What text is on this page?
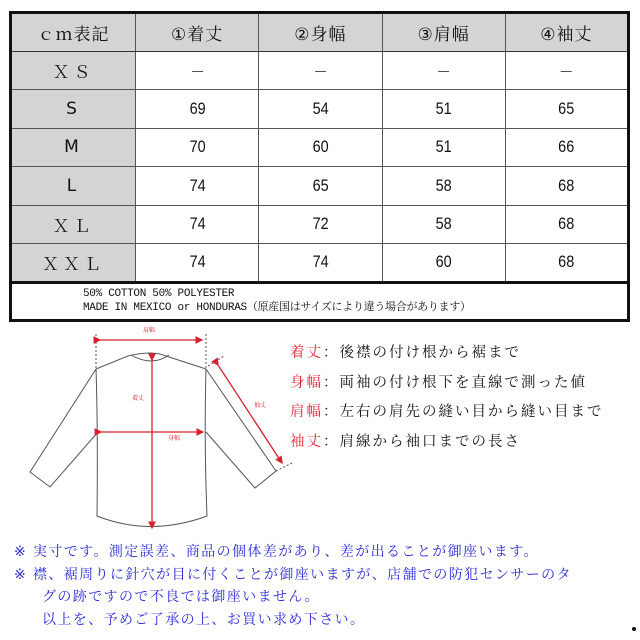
ｃｍ表記	①着丈	②身幅	③肩幅	④袖丈
ＸＳ	－	－	－	－
S	69	54	51	65
M	70	60	51	66
L	74	65	58	68
ＸＬ	74	72	58	68
ＸＸＬ	74	74	60	68
50% COTTON 50% POLYESTER
MADE IN MEXICO or HONDURAS（原産国はサイズにより違う場合があります）
肩幅
着丈
身幅
袖丈
着丈：後襟の付け根から裾まで
身幅：両袖の付け根下を直線で測った値
肩幅：左右の肩先の縫い目から縫い目まで
袖丈：肩線から袖口までの長さ
※ 実寸です。測定誤差、商品の個体差があり、差が出ることが御座います。
※ 襟、裾周りに針穴が目に付くことが御座いますが、店舗での防犯センサーのタ
グの跡ですので不良では御座いません。
以上を、予めご了承の上、お買い求め下さい。
